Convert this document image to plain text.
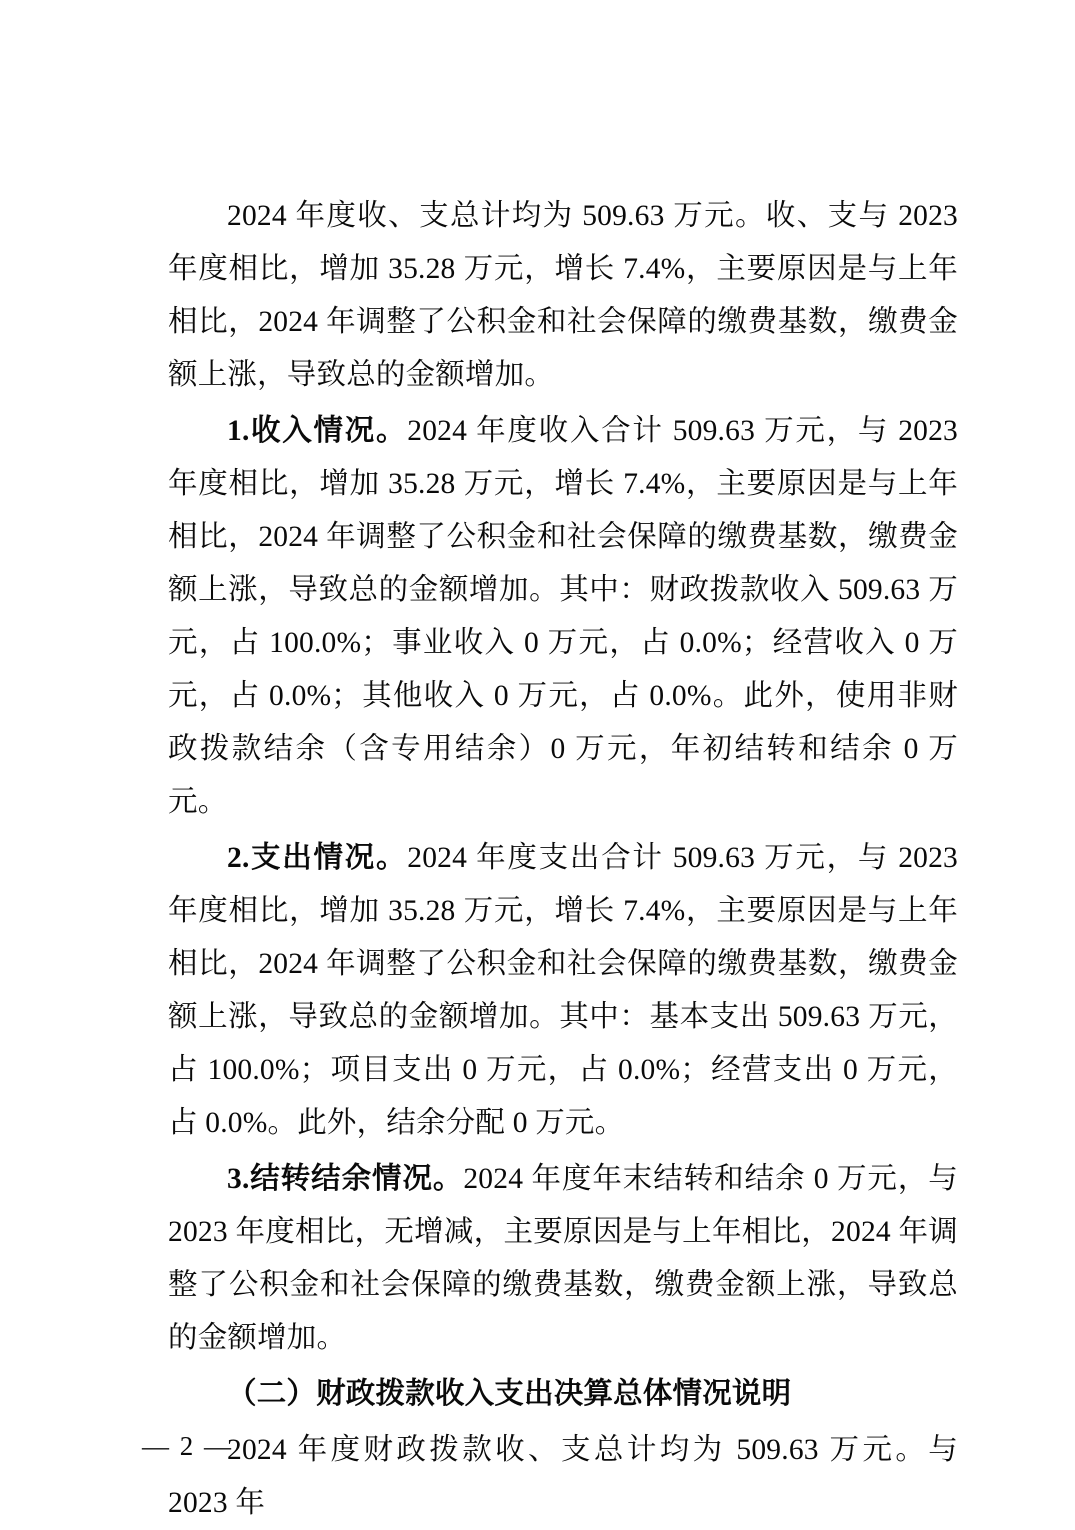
2024 年度收、支总计均为 509.63 万元。收、支与 2023 年度相比，增加 35.28 万元，增长 7.4%，主要原因是与上年相比，2024 年调整了公积金和社会保障的缴费基数，缴费金额上涨，导致总的金额增加。

1.收入情况。2024 年度收入合计 509.63 万元，与 2023 年度相比，增加 35.28 万元，增长 7.4%，主要原因是与上年相比，2024 年调整了公积金和社会保障的缴费基数，缴费金额上涨，导致总的金额增加。其中：财政拨款收入 509.63 万元，占 100.0%；事业收入 0 万元，占 0.0%；经营收入 0 万元，占 0.0%；其他收入 0 万元，占 0.0%。此外，使用非财政拨款结余（含专用结余）0 万元，年初结转和结余 0 万元。

2.支出情况。2024 年度支出合计 509.63 万元，与 2023 年度相比，增加 35.28 万元，增长 7.4%，主要原因是与上年相比，2024 年调整了公积金和社会保障的缴费基数，缴费金额上涨，导致总的金额增加。其中：基本支出 509.63 万元，占 100.0%；项目支出 0 万元，占 0.0%；经营支出 0 万元，占 0.0%。此外，结余分配 0 万元。

3.结转结余情况。2024 年度年末结转和结余 0 万元，与 2023 年度相比，无增减，主要原因是与上年相比，2024 年调整了公积金和社会保障的缴费基数，缴费金额上涨，导致总的金额增加。

（二）财政拨款收入支出决算总体情况说明

2024 年度财政拨款收、支总计均为 509.63 万元。与 2023 年

— 2 —
